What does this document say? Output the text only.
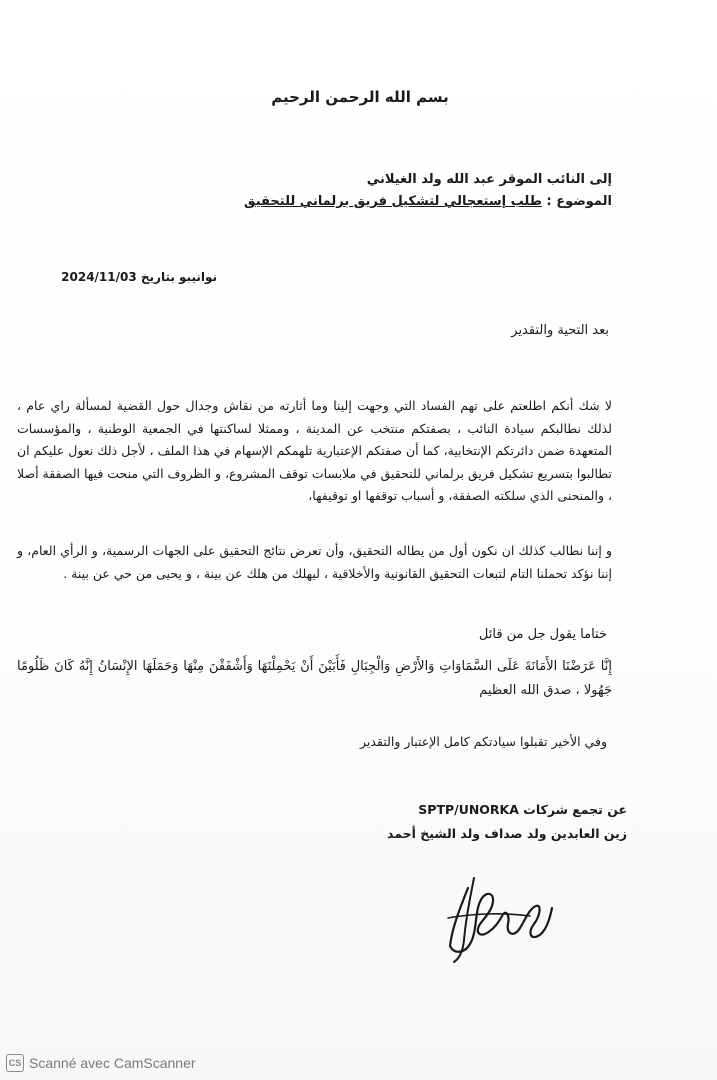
بسم الله الرحمن الرحيم
إلى النائب الموقر عبد الله ولد الغيلاني
الموضوع : طلب إستعجالي لتشكيل فريق برلماني للتحقيق
نوانيبو بتاريخ 2024/11/03
بعد التحية والتقدير
لا شك أنكم اطلعتم على تهم الفساد التي وجهت إلينا وما أثارته من نقاش وجدال حول القضية لمسألة راي عام ، لذلك نطالبكم سيادة النائب ، بصفتكم منتخب عن المدينة ، وممثلا لساكنتها في الجمعية الوطنية ، والمؤسسات المتعهدة ضمن دائرتكم الإنتخابية، كما أن صفتكم الإعتبارية تلهمكم الإسهام في هذا الملف ، لأجل ذلك نعول عليكم ان تطالبوا بتسريع تشكيل فريق برلماني للتحقيق في ملابسات توقف المشروع، و الظروف التي منحت فيها الصفقة أصلا ، والمنحنى الذي سلكته الصفقة، و أسباب توقفها او توقيفها،
و إننا نطالب كذلك ان نكون أول من يطاله التحقيق، وأن تعرض نتائج التحقيق على الجهات الرسمية، و الرأي العام، و إننا نؤكد تحملنا التام لتبعات التحقيق القانونية والأخلاقية ، ليهلك من هلك عن بينة ، و يحيى من حي عن بينة .
ختاما يقول جل من قائل
إِنَّا عَرَضْنَا الأَمَانَةَ عَلَى السَّمَاوَاتِ وَالأَرْضِ وَالْجِبَالِ فَأَبَيْنَ أَنْ يَحْمِلْنَهَا وَأَشْفَقْنَ مِنْهَا وَحَمَلَهَا الإِنْسَانُ إِنَّهُ كَانَ ظَلُومًا جَهُولا ، صدق الله العظيم
وفي الأخير تقبلوا سيادتكم كامل الإعتبار والتقدير
عن تجمع شركات SPTP/UNORKA
زين العابدين ولد صداف ولد الشيخ أحمد
CS Scanné avec CamScanner
